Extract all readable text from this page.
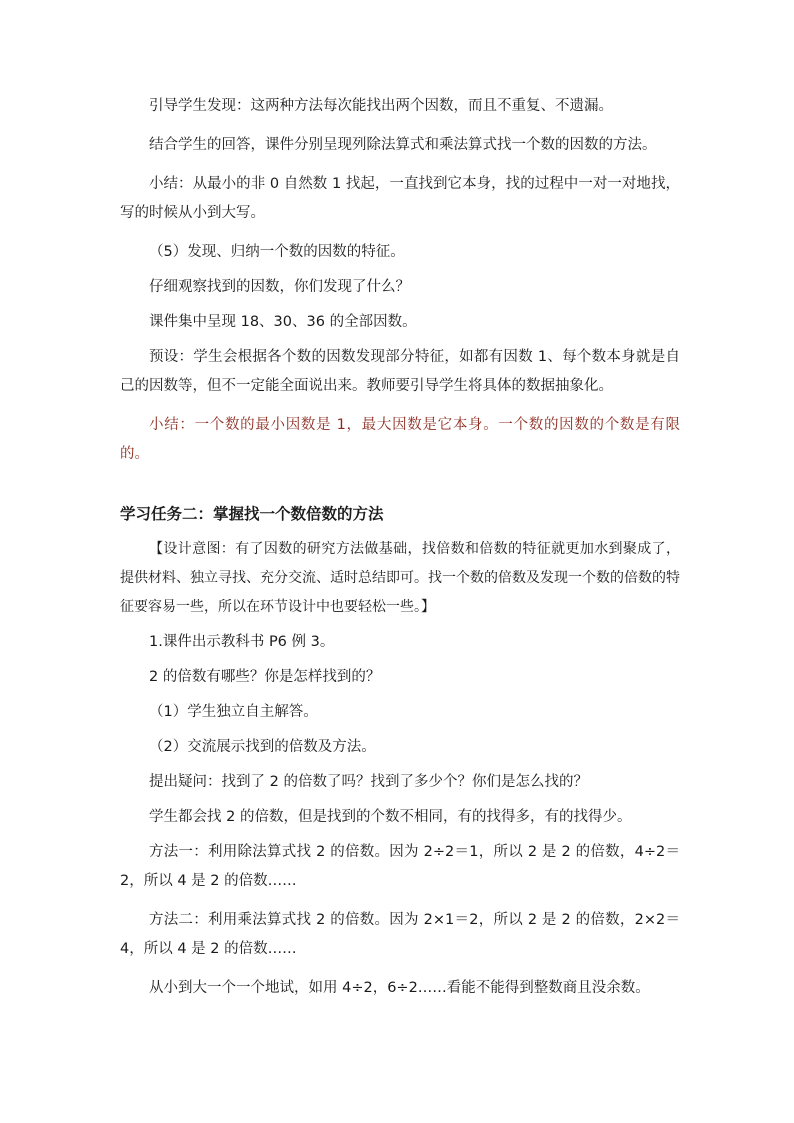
引导学生发现：这两种方法每次能找出两个因数，而且不重复、不遗漏。

结合学生的回答，课件分别呈现列除法算式和乘法算式找一个数的因数的方法。

小结：从最小的非 0 自然数 1 找起，一直找到它本身，找的过程中一对一对地找，写的时候从小到大写。

（5）发现、归纳一个数的因数的特征。

仔细观察找到的因数，你们发现了什么？

课件集中呈现 18、30、36 的全部因数。

预设：学生会根据各个数的因数发现部分特征，如都有因数 1、每个数本身就是自己的因数等，但不一定能全面说出来。教师要引导学生将具体的数据抽象化。

小结：一个数的最小因数是 1，最大因数是它本身。一个数的因数的个数是有限的。

学习任务二：掌握找一个数倍数的方法

【设计意图：有了因数的研究方法做基础，找倍数和倍数的特征就更加水到聚成了，提供材料、独立寻找、充分交流、适时总结即可。找一个数的倍数及发现一个数的倍数的特征要容易一些，所以在环节设计中也要轻松一些。】

1.课件出示教科书 P6 例 3。

2 的倍数有哪些？你是怎样找到的？

（1）学生独立自主解答。

（2）交流展示找到的倍数及方法。

提出疑问：找到了 2 的倍数了吗？找到了多少个？你们是怎么找的？

学生都会找 2 的倍数，但是找到的个数不相同，有的找得多，有的找得少。

方法一：利用除法算式找 2 的倍数。因为 2÷2＝1，所以 2 是 2 的倍数，4÷2＝2，所以 4 是 2 的倍数……

方法二：利用乘法算式找 2 的倍数。因为 2×1＝2，所以 2 是 2 的倍数，2×2＝4，所以 4 是 2 的倍数……

从小到大一个一个地试，如用 4÷2，6÷2……看能不能得到整数商且没余数。
